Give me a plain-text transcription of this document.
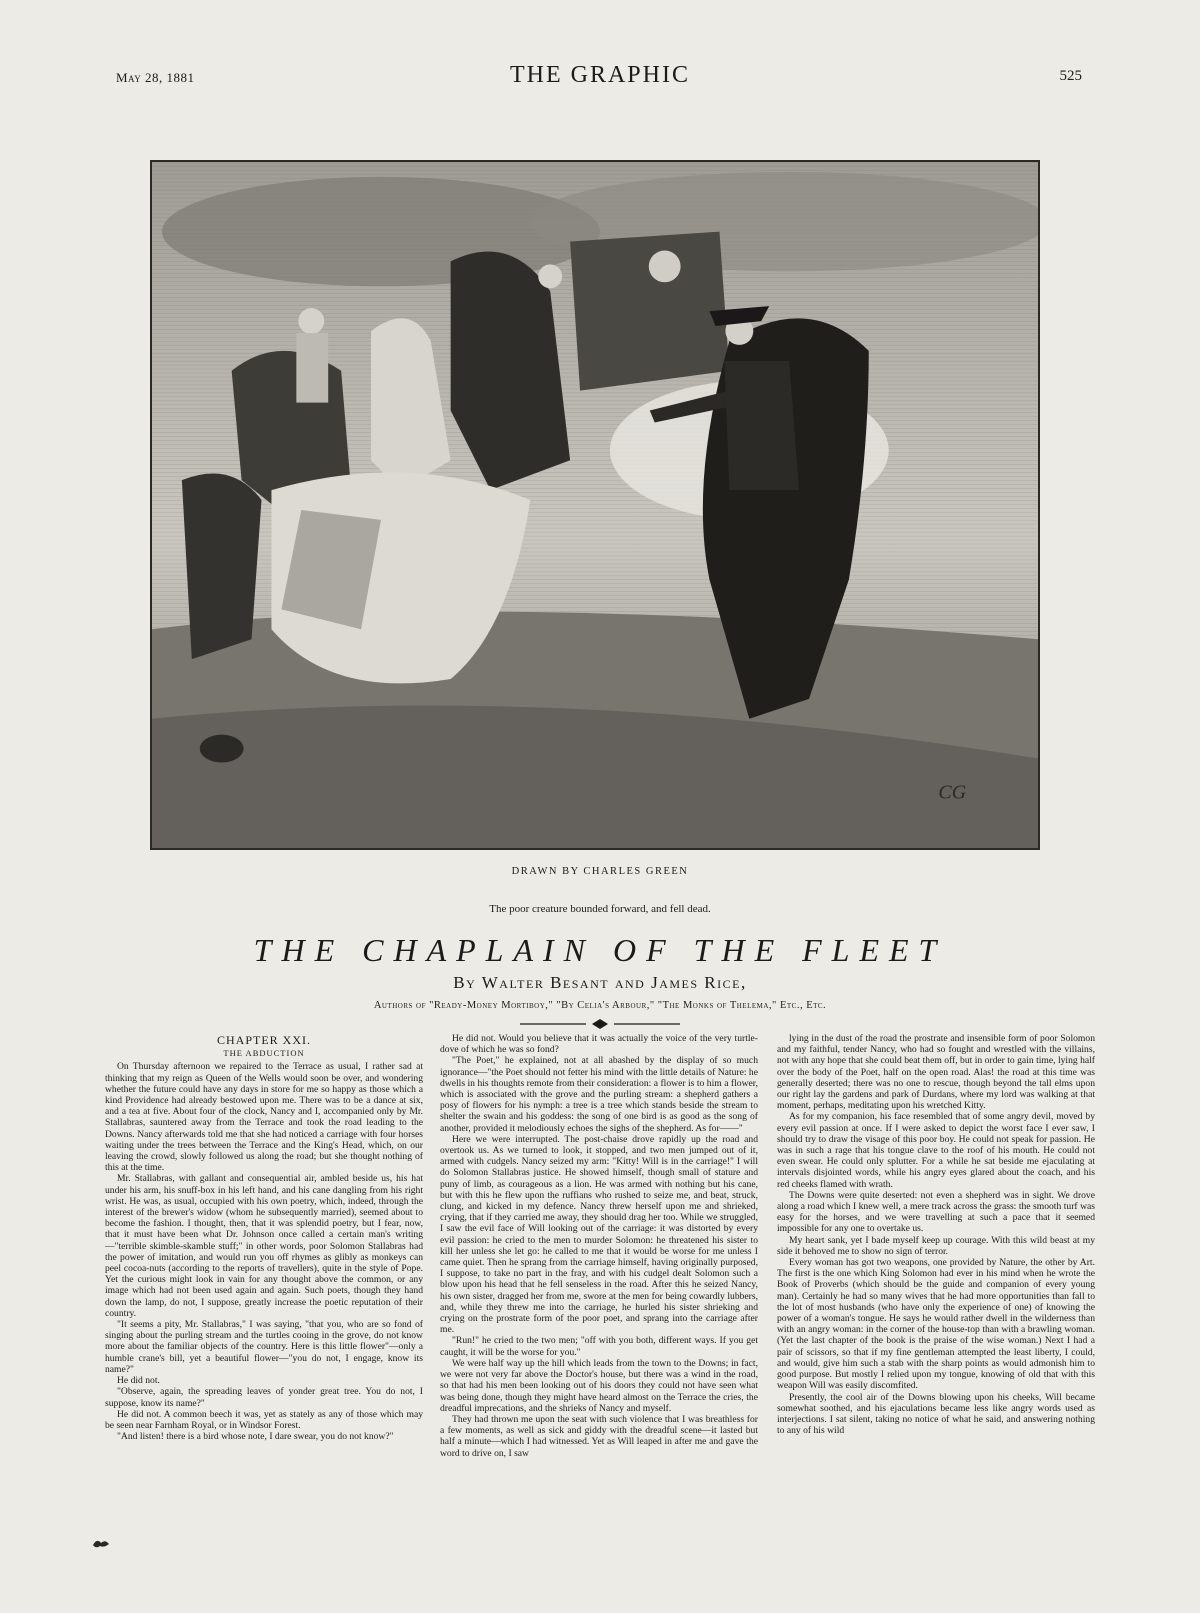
May 28, 1881	THE GRAPHIC	525
CG
DRAWN BY CHARLES GREEN
The poor creature bounded forward, and fell dead.
THE CHAPLAIN OF THE FLEET
By Walter Besant and James Rice,
Authors of "Ready-Money Mortiboy," "By Celia's Arbour," "The Monks of Thelema," Etc., Etc.
CHAPTER XXI.
THE ABDUCTION

On Thursday afternoon we repaired to the Terrace as usual, I rather sad at thinking that my reign as Queen of the Wells would soon be over, and wondering whether the future could have any days in store for me so happy as those which a kind Providence had already bestowed upon me. There was to be a dance at six, and a tea at five. About four of the clock, Nancy and I, accompanied only by Mr. Stallabras, sauntered away from the Terrace and took the road leading to the Downs. Nancy afterwards told me that she had noticed a carriage with four horses waiting under the trees between the Terrace and the King's Head, which, on our leaving the crowd, slowly followed us along the road; but she thought nothing of this at the time.

Mr. Stallabras, with gallant and consequential air, ambled beside us, his hat under his arm, his snuff-box in his left hand, and his cane dangling from his right wrist. He was, as usual, occupied with his own poetry, which, indeed, through the interest of the brewer's widow (whom he subsequently married), seemed about to become the fashion. I thought, then, that it was splendid poetry, but I fear, now, that it must have been what Dr. Johnson once called a certain man's writing—"terrible skimble-skamble stuff;" in other words, poor Solomon Stallabras had the power of imitation, and would run you off rhymes as glibly as monkeys can peel cocoa-nuts (according to the reports of travellers), quite in the style of Pope. Yet the curious might look in vain for any thought above the common, or any image which had not been used again and again. Such poets, though they hand down the lamp, do not, I suppose, greatly increase the poetic reputation of their country.

"It seems a pity, Mr. Stallabras," I was saying, "that you, who are so fond of singing about the purling stream and the turtles cooing in the grove, do not know more about the familiar objects of the country. Here is this little flower"—only a humble crane's bill, yet a beautiful flower—"you do not, I engage, know its name?"

He did not.

"Observe, again, the spreading leaves of yonder great tree. You do not, I suppose, know its name?"

He did not. A common beech it was, yet as stately as any of those which may be seen near Farnham Royal, or in Windsor Forest.

"And listen! there is a bird whose note, I dare swear, you do not know?"

He did not. Would you believe that it was actually the voice of the very turtle-dove of which he was so fond?

"The Poet," he explained, not at all abashed by the display of so much ignorance—"the Poet should not fetter his mind with the little details of Nature: he dwells in his thoughts remote from their consideration: a flower is to him a flower, which is associated with the grove and the purling stream: a shepherd gathers a posy of flowers for his nymph: a tree is a tree which stands beside the stream to shelter the swain and his goddess: the song of one bird is as good as the song of another, provided it melodiously echoes the sighs of the shepherd. As for——"

Here we were interrupted. The post-chaise drove rapidly up the road and overtook us. As we turned to look, it stopped, and two men jumped out of it, armed with cudgels. Nancy seized my arm: "Kitty! Will is in the carriage!" I will do Solomon Stallabras justice. He showed himself, though small of stature and puny of limb, as courageous as a lion. He was armed with nothing but his cane, but with this he flew upon the ruffians who rushed to seize me, and beat, struck, clung, and kicked in my defence. Nancy threw herself upon me and shrieked, crying, that if they carried me away, they should drag her too. While we struggled, I saw the evil face of Will looking out of the carriage: it was distorted by every evil passion: he cried to the men to murder Solomon: he threatened his sister to kill her unless she let go: he called to me that it would be worse for me unless I came quiet. Then he sprang from the carriage himself, having originally purposed, I suppose, to take no part in the fray, and with his cudgel dealt Solomon such a blow upon his head that he fell senseless in the road. After this he seized Nancy, his own sister, dragged her from me, swore at the men for being cowardly lubbers, and, while they threw me into the carriage, he hurled his sister shrieking and crying on the prostrate form of the poor poet, and sprang into the carriage after me.

"Run!" he cried to the two men; "off with you both, different ways. If you get caught, it will be the worse for you."

We were half way up the hill which leads from the town to the Downs; in fact, we were not very far above the Doctor's house, but there was a wind in the road, so that had his men been looking out of his doors they could not have seen what was being done, though they might have heard almost on the Terrace the cries, the dreadful imprecations, and the shrieks of Nancy and myself.

They had thrown me upon the seat with such violence that I was breathless for a few moments, as well as sick and giddy with the dreadful scene—it lasted but half a minute—which I had witnessed. Yet as Will leaped in after me and gave the word to drive on, I saw

lying in the dust of the road the prostrate and insensible form of poor Solomon and my faithful, tender Nancy, who had so fought and wrestled with the villains, not with any hope that she could beat them off, but in order to gain time, lying half over the body of the Poet, half on the open road. Alas! the road at this time was generally deserted; there was no one to rescue, though beyond the tall elms upon our right lay the gardens and park of Durdans, where my lord was walking at that moment, perhaps, meditating upon his wretched Kitty.

As for my companion, his face resembled that of some angry devil, moved by every evil passion at once. If I were asked to depict the worst face I ever saw, I should try to draw the visage of this poor boy. He could not speak for passion. He was in such a rage that his tongue clave to the roof of his mouth. He could not even swear. He could only splutter. For a while he sat beside me ejaculating at intervals disjointed words, while his angry eyes glared about the coach, and his red cheeks flamed with wrath.

The Downs were quite deserted: not even a shepherd was in sight. We drove along a road which I knew well, a mere track across the grass: the smooth turf was easy for the horses, and we were travelling at such a pace that it seemed impossible for any one to overtake us.

My heart sank, yet I bade myself keep up courage. With this wild beast at my side it behoved me to show no sign of terror.

Every woman has got two weapons, one provided by Nature, the other by Art. The first is the one which King Solomon had ever in his mind when he wrote the Book of Proverbs (which should be the guide and companion of every young man). Certainly he had so many wives that he had more opportunities than fall to the lot of most husbands (who have only the experience of one) of knowing the power of a woman's tongue. He says he would rather dwell in the wilderness than with an angry woman: in the corner of the house-top than with a brawling woman. (Yet the last chapter of the book is the praise of the wise woman.) Next I had a pair of scissors, so that if my fine gentleman attempted the least liberty, I could, and would, give him such a stab with the sharp points as would admonish him to good purpose. But mostly I relied upon my tongue, knowing of old that with this weapon Will was easily discomfited.

Presently, the cool air of the Downs blowing upon his cheeks, Will became somewhat soothed, and his ejaculations became less like angry words used as interjections. I sat silent, taking no notice of what he said, and answering nothing to any of his wild
